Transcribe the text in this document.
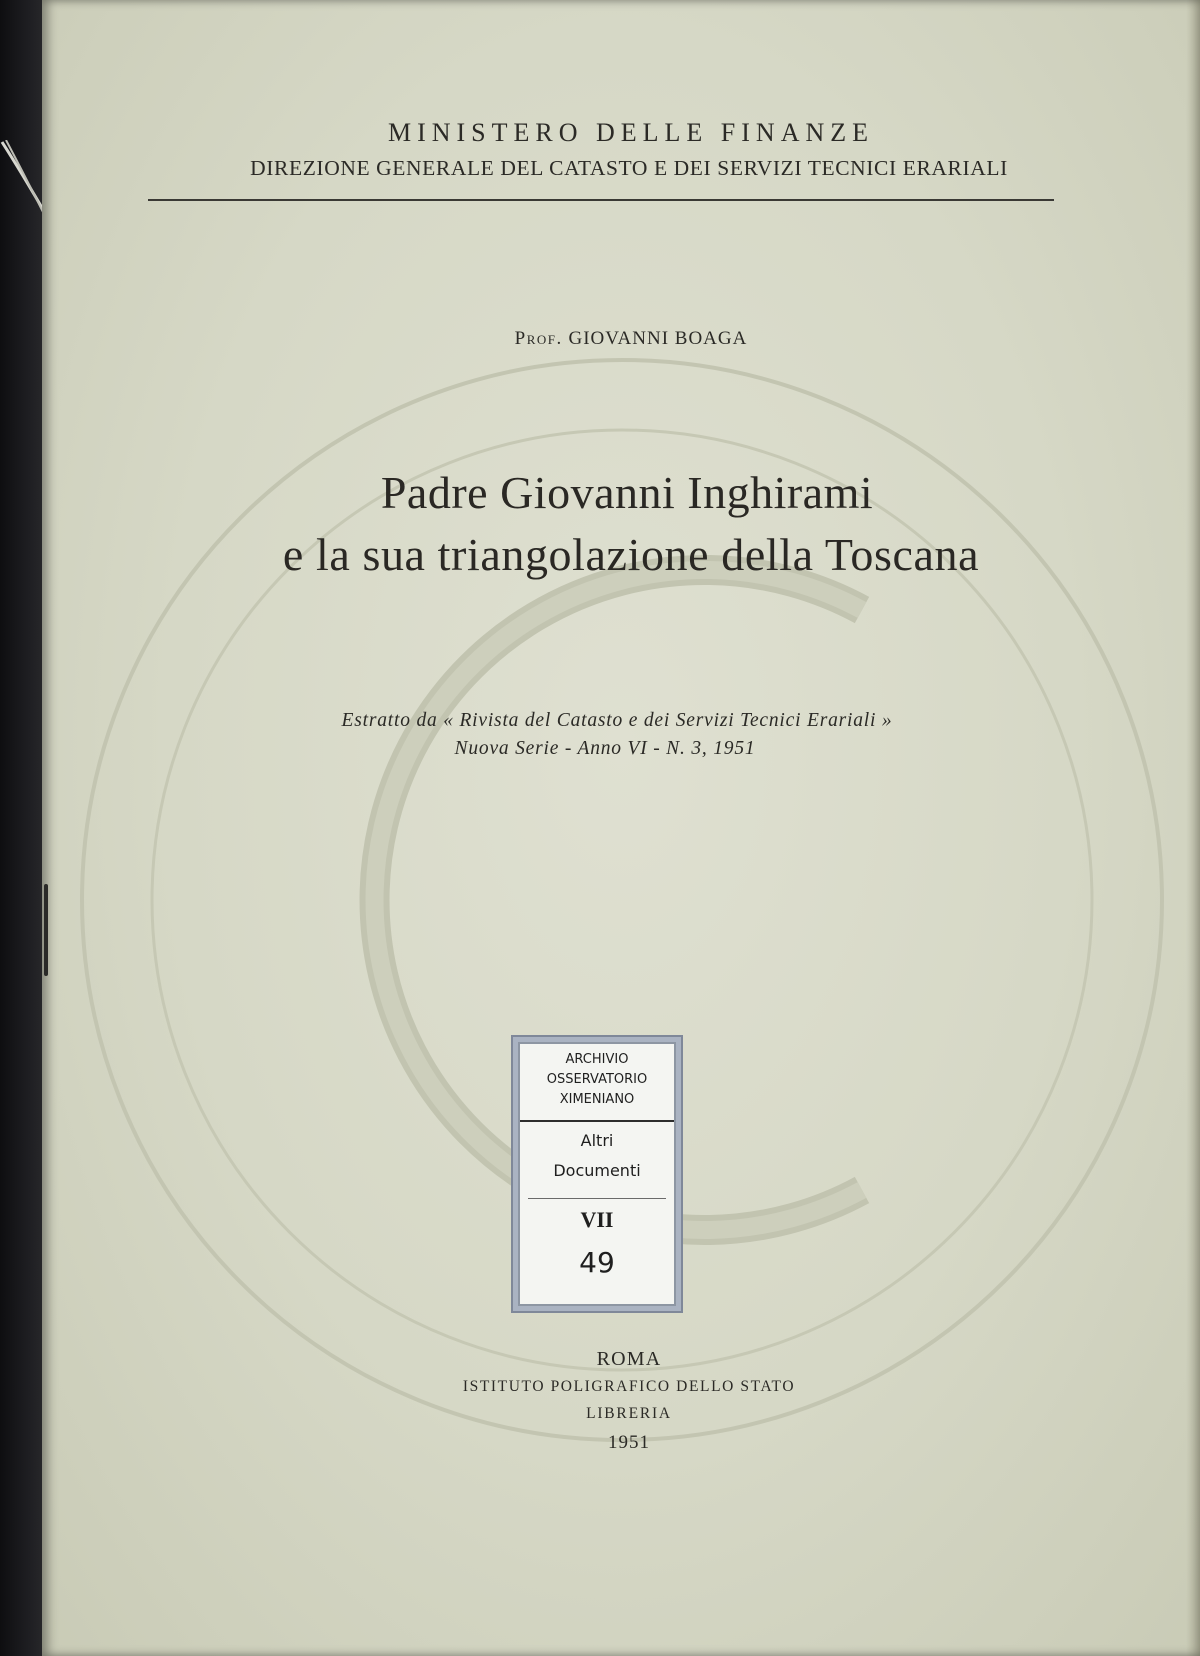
MINISTERO DELLE FINANZE
DIREZIONE GENERALE DEL CATASTO E DEI SERVIZI TECNICI ERARIALI
Prof. GIOVANNI BOAGA
Padre Giovanni Inghirami
e la sua triangolazione della Toscana
Estratto da « Rivista del Catasto e dei Servizi Tecnici Erariali »
Nuova Serie - Anno VI - N. 3, 1951
ARCHIVIO
OSSERVATORIO
XIMENIANO
Altri
Documenti
VII
49
ROMA
ISTITUTO POLIGRAFICO DELLO STATO
LIBRERIA
1951
